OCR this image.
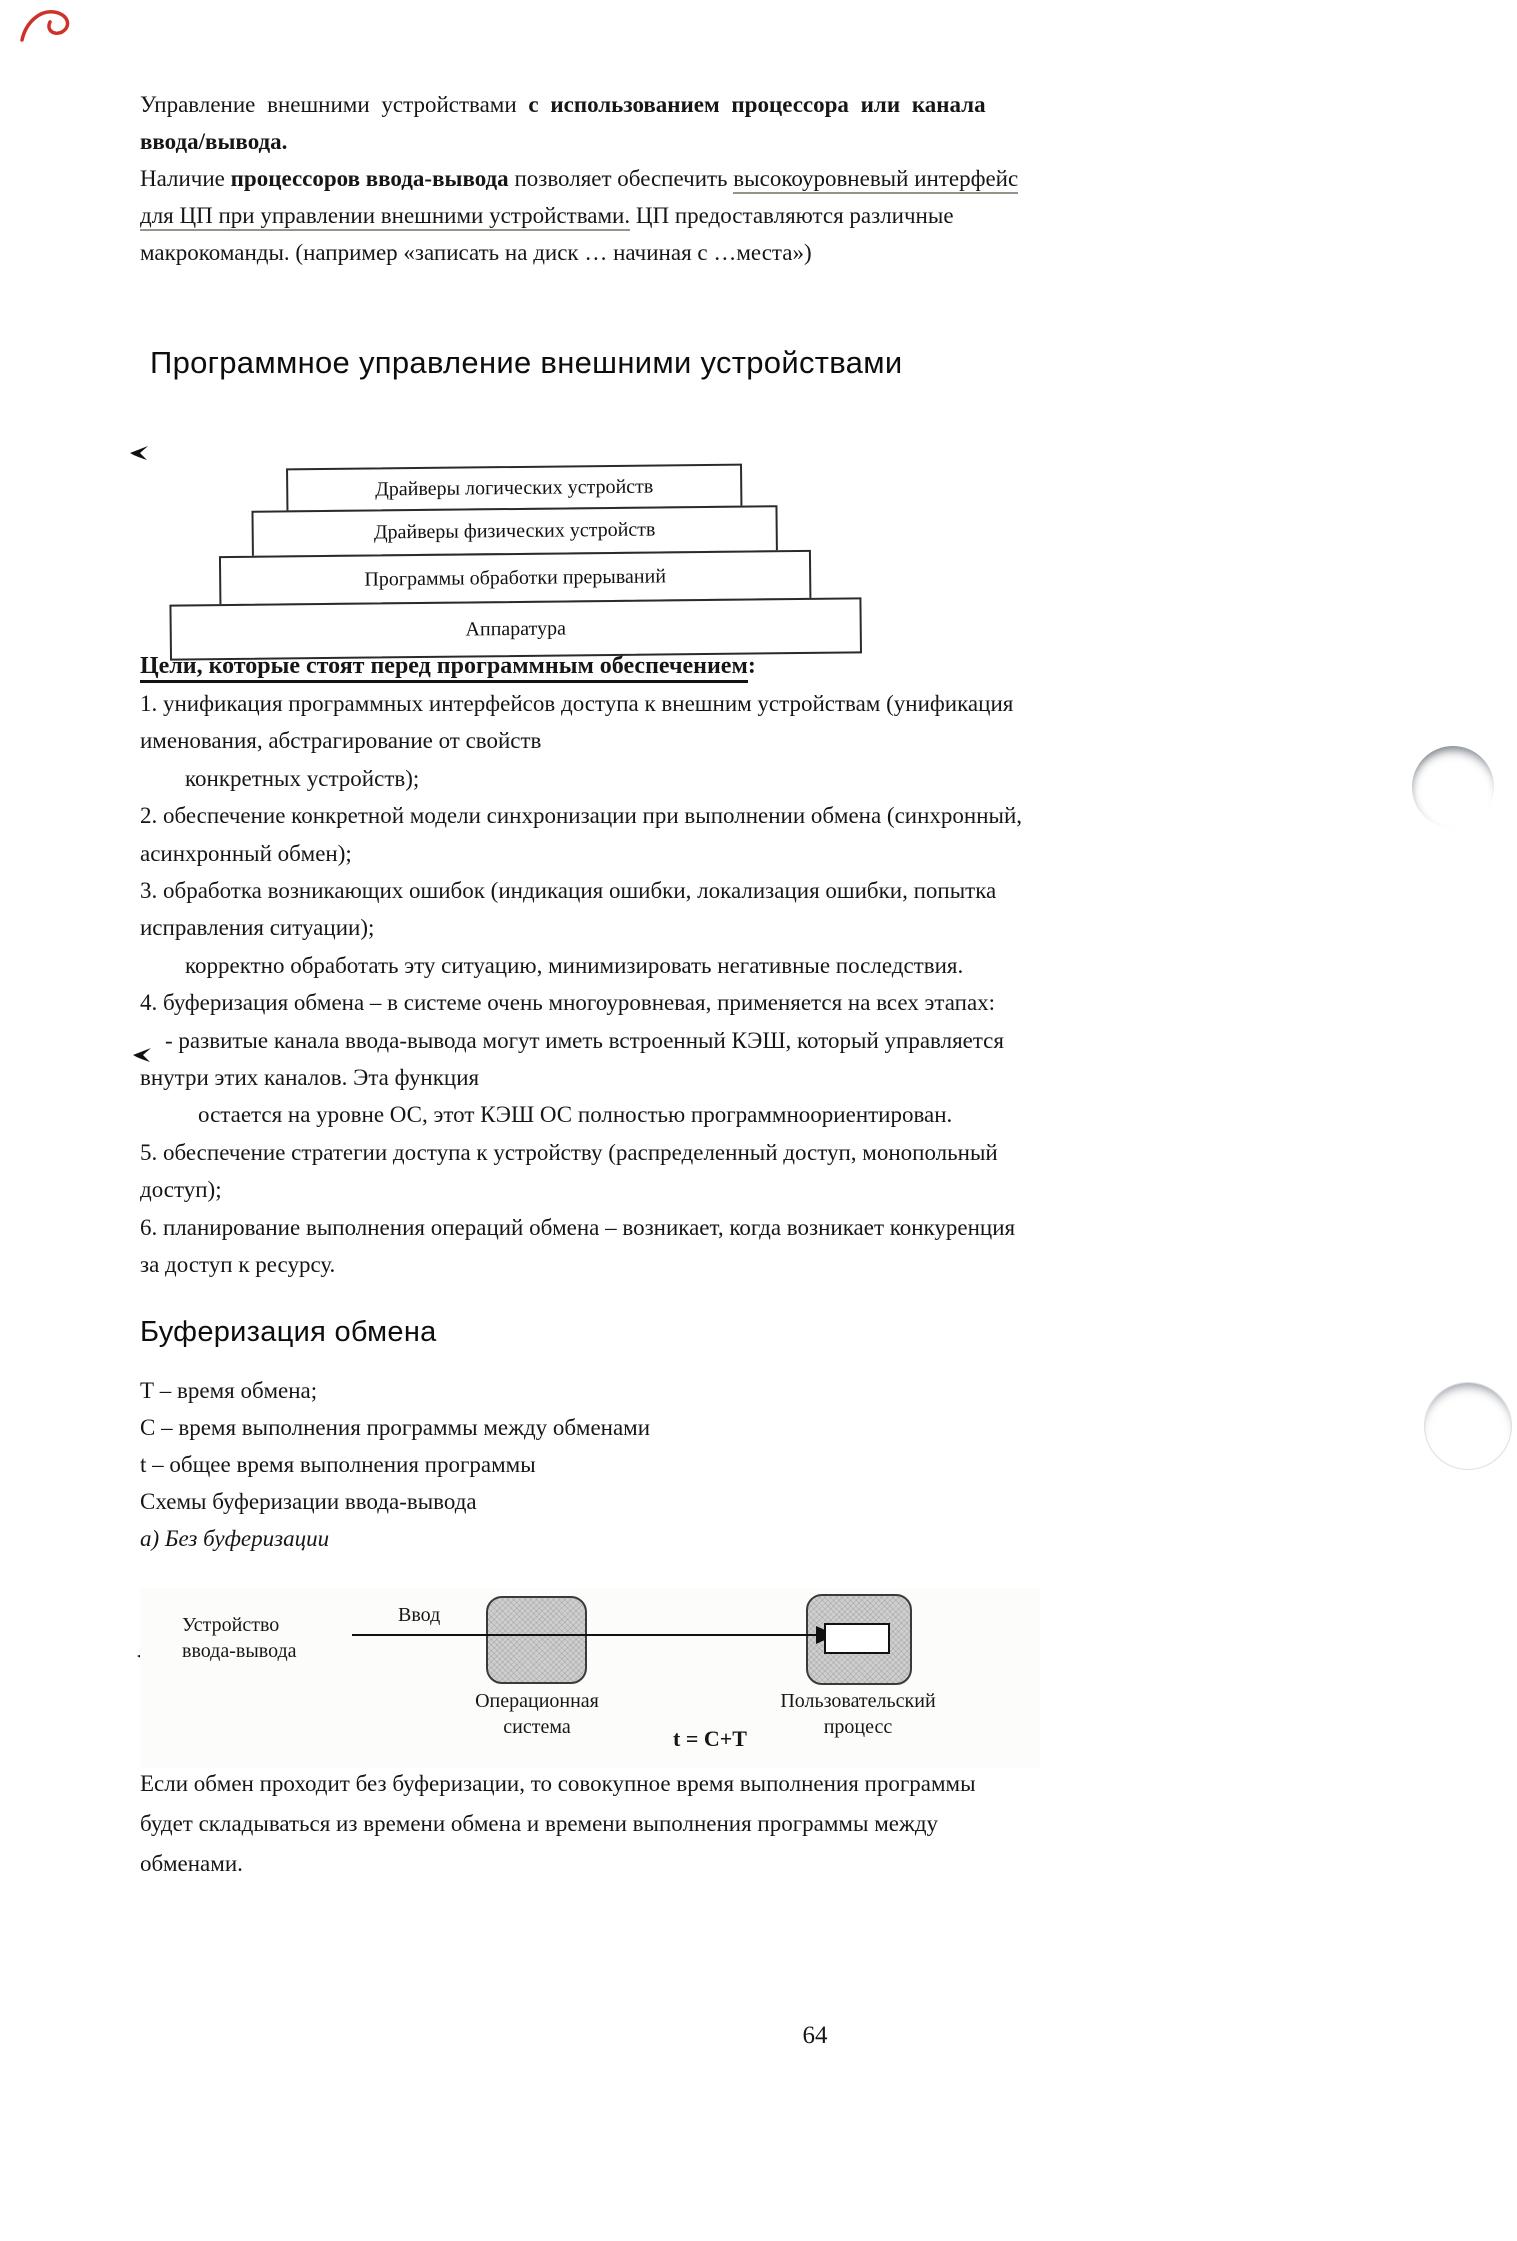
Управление внешними устройствами с использованием процессора или канала
ввода/вывода.
Наличие процессоров ввода-вывода позволяет обеспечить высокоуровневый интерфейс
для ЦП при управлении внешними устройствами. ЦП предоставляются различные
макрокоманды. (например «записать на диск … начиная с …места»)
Программное управление внешними устройствами
Драйверы логических устройств
Драйверы физических устройств
Программы обработки прерываний
Аппаратура
Цели, которые стоят перед программным обеспечением:
1. унификация программных интерфейсов доступа к внешним устройствам (унификация
именования, абстрагирование от свойств
конкретных устройств);
2. обеспечение конкретной модели синхронизации при выполнении обмена (синхронный,
асинхронный обмен);
3. обработка возникающих ошибок (индикация ошибки, локализация ошибки, попытка
исправления ситуации);
корректно обработать эту ситуацию, минимизировать негативные последствия.
4. буферизация обмена – в системе очень многоуровневая, применяется на всех этапах:
- развитые канала ввода-вывода могут иметь встроенный КЭШ, который управляется
внутри этих каналов. Эта функция
остается на уровне ОС, этот КЭШ ОС полностью программноориентирован.
5. обеспечение стратегии доступа к устройству (распределенный доступ, монопольный
доступ);
6. планирование выполнения операций обмена – возникает, когда возникает конкуренция
за доступ к ресурсу.
Буферизация обмена
Т – время обмена;
С – время выполнения программы между обменами
t – общее время выполнения программы
Схемы буферизации ввода-вывода
а) Без буферизации
Устройство
ввода-вывода
Ввод
Операционная
система
Пользовательский
процесс
t = C+T
Если обмен проходит без буферизации, то совокупное время выполнения программы
будет складываться из времени обмена и времени выполнения программы между
обменами.
64
